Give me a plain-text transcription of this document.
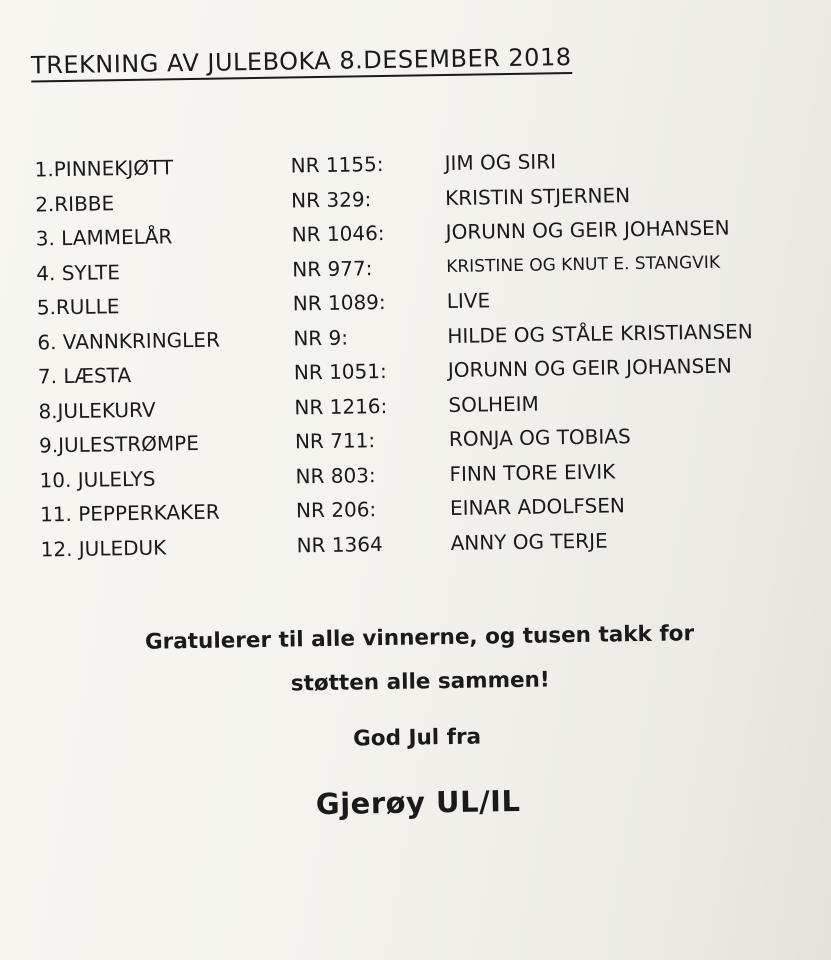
TREKNING AV JULEBOKA 8.DESEMBER 2018
1.PINNEKJØTT	NR 1155:	JIM OG SIRI
2.RIBBE	NR 329:	KRISTIN STJERNEN
3. LAMMELÅR	NR 1046:	JORUNN OG GEIR JOHANSEN
4. SYLTE	NR 977:	KRISTINE OG KNUT E. STANGVIK
5.RULLE	NR 1089:	LIVE
6. VANNKRINGLER	NR 9:	HILDE OG STÅLE KRISTIANSEN
7. LÆSTA	NR 1051:	JORUNN OG GEIR JOHANSEN
8.JULEKURV	NR 1216:	SOLHEIM
9.JULESTRØMPE	NR 711:	RONJA OG TOBIAS
10. JULELYS	NR 803:	FINN TORE EIVIK
11. PEPPERKAKER	NR 206:	EINAR ADOLFSEN
12. JULEDUK	NR 1364	ANNY OG TERJE
Gratulerer til alle vinnerne, og tusen takk for
støtten alle sammen!
God Jul fra
Gjerøy UL/IL
